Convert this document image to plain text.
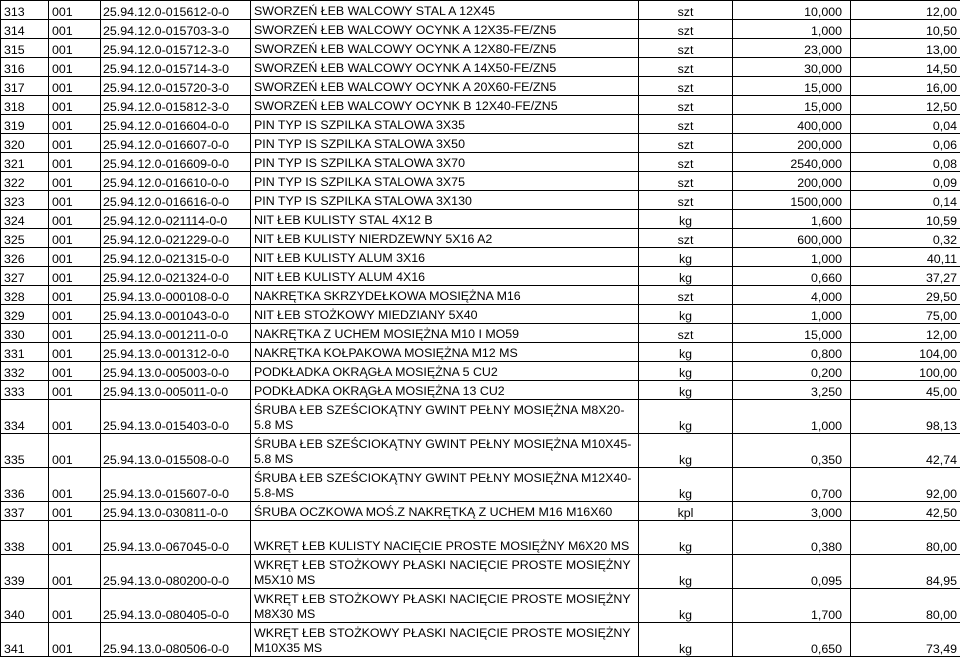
313	001	25.94.12.0-015612-0-0	SWORZEŃ ŁEB WALCOWY STAL A 12X45	szt	10,000	12,00
314	001	25.94.12.0-015703-3-0	SWORZEŃ ŁEB WALCOWY OCYNK A 12X35-FE/ZN5	szt	1,000	10,50
315	001	25.94.12.0-015712-3-0	SWORZEŃ ŁEB WALCOWY OCYNK A 12X80-FE/ZN5	szt	23,000	13,00
316	001	25.94.12.0-015714-3-0	SWORZEŃ ŁEB WALCOWY OCYNK A 14X50-FE/ZN5	szt	30,000	14,50
317	001	25.94.12.0-015720-3-0	SWORZEŃ ŁEB WALCOWY OCYNK A 20X60-FE/ZN5	szt	15,000	16,00
318	001	25.94.12.0-015812-3-0	SWORZEŃ ŁEB WALCOWY OCYNK B 12X40-FE/ZN5	szt	15,000	12,50
319	001	25.94.12.0-016604-0-0	PIN TYP IS SZPILKA STALOWA 3X35	szt	400,000	0,04
320	001	25.94.12.0-016607-0-0	PIN TYP IS SZPILKA STALOWA 3X50	szt	200,000	0,06
321	001	25.94.12.0-016609-0-0	PIN TYP IS SZPILKA STALOWA 3X70	szt	2540,000	0,08
322	001	25.94.12.0-016610-0-0	PIN TYP IS SZPILKA STALOWA 3X75	szt	200,000	0,09
323	001	25.94.12.0-016616-0-0	PIN TYP IS SZPILKA STALOWA 3X130	szt	1500,000	0,14
324	001	25.94.12.0-021114-0-0	NIT ŁEB KULISTY STAL 4X12 B	kg	1,600	10,59
325	001	25.94.12.0-021229-0-0	NIT ŁEB KULISTY NIERDZEWNY 5X16 A2	szt	600,000	0,32
326	001	25.94.12.0-021315-0-0	NIT ŁEB KULISTY ALUM 3X16	kg	1,000	40,11
327	001	25.94.12.0-021324-0-0	NIT ŁEB KULISTY ALUM 4X16	kg	0,660	37,27
328	001	25.94.13.0-000108-0-0	NAKRĘTKA SKRZYDEŁKOWA MOSIĘŻNA M16	szt	4,000	29,50
329	001	25.94.13.0-001043-0-0	NIT ŁEB STOŻKOWY MIEDZIANY 5X40	kg	1,000	75,00
330	001	25.94.13.0-001211-0-0	NAKRĘTKA Z UCHEM MOSIĘŻNA M10 I MO59	szt	15,000	12,00
331	001	25.94.13.0-001312-0-0	NAKRĘTKA KOŁPAKOWA MOSIĘŻNA M12 MS	kg	0,800	104,00
332	001	25.94.13.0-005003-0-0	PODKŁADKA OKRĄGŁA MOSIĘŻNA 5 CU2	kg	0,200	100,00
333	001	25.94.13.0-005011-0-0	PODKŁADKA OKRĄGŁA MOSIĘŻNA 13 CU2	kg	3,250	45,00
334	001	25.94.13.0-015403-0-0	ŚRUBA ŁEB SZEŚCIOKĄTNY GWINT PEŁNY MOSIĘŻNA M8X20-5.8 MS	kg	1,000	98,13
335	001	25.94.13.0-015508-0-0	ŚRUBA ŁEB SZEŚCIOKĄTNY GWINT PEŁNY MOSIĘŻNA M10X45-5.8 MS	kg	0,350	42,74
336	001	25.94.13.0-015607-0-0	ŚRUBA ŁEB SZEŚCIOKĄTNY GWINT PEŁNY MOSIĘŻNA M12X40-5.8-MS	kg	0,700	92,00
337	001	25.94.13.0-030811-0-0	ŚRUBA OCZKOWA MOŚ.Z NAKRĘTKĄ Z UCHEM M16 M16X60	kpl	3,000	42,50
338	001	25.94.13.0-067045-0-0	WKRĘT ŁEB KULISTY NACIĘCIE PROSTE MOSIĘŻNY M6X20 MS	kg	0,380	80,00
339	001	25.94.13.0-080200-0-0	WKRĘT ŁEB STOŻKOWY PŁASKI NACIĘCIE PROSTE MOSIĘŻNY M5X10 MS	kg	0,095	84,95
340	001	25.94.13.0-080405-0-0	WKRĘT ŁEB STOŻKOWY PŁASKI NACIĘCIE PROSTE MOSIĘŻNY M8X30 MS	kg	1,700	80,00
341	001	25.94.13.0-080506-0-0	WKRĘT ŁEB STOŻKOWY PŁASKI NACIĘCIE PROSTE MOSIĘŻNY M10X35 MS	kg	0,650	73,49
